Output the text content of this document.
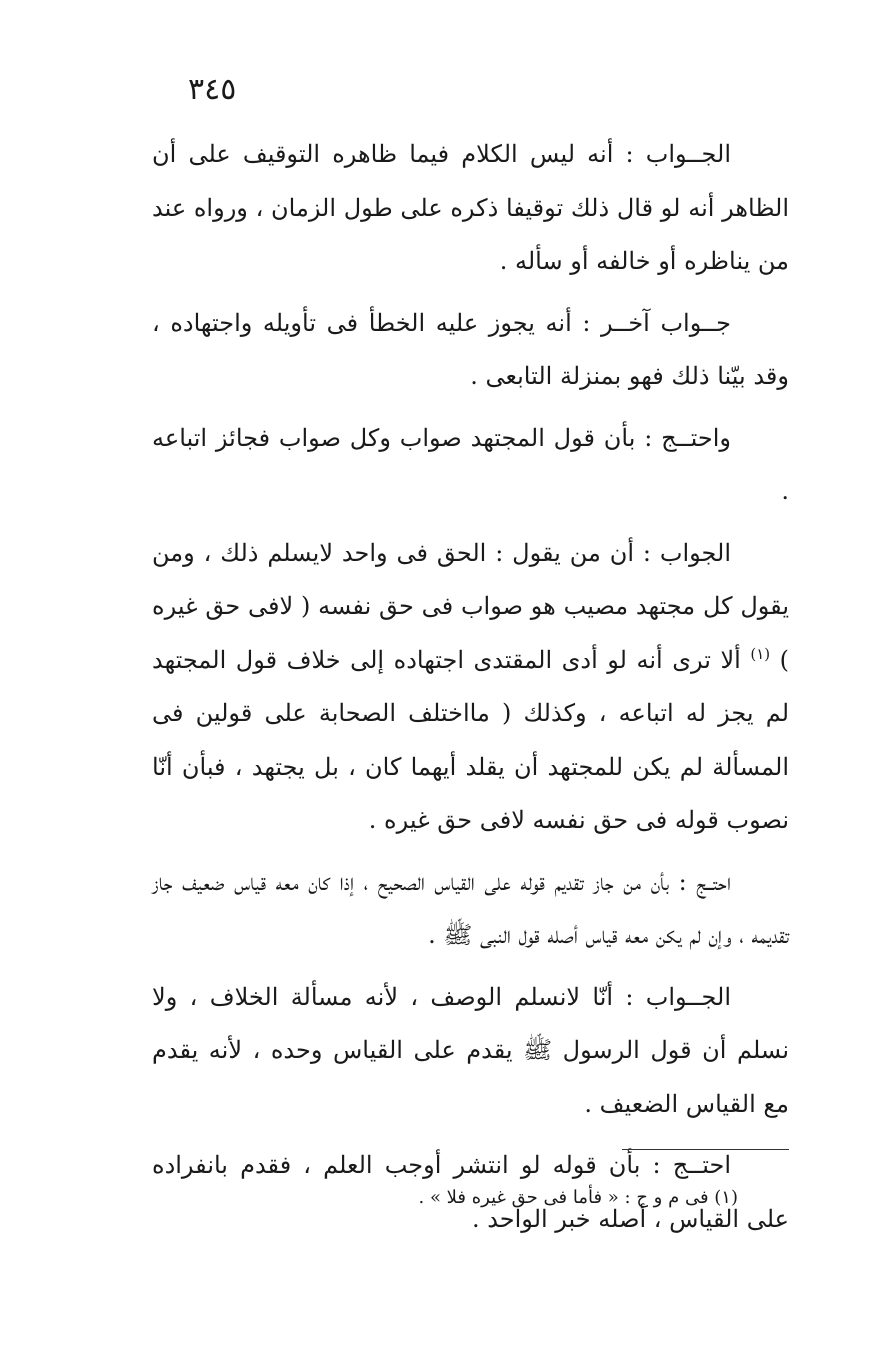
٣٤٥

الجــواب : أنه ليس الكلام فيما ظاهره التوقيف على أن الظاهر أنه لو قال ذلك توقيفا ذكره على طول الزمان ، ورواه عند من يناظره أو خالفه أو سأله .

جــواب آخــر : أنه يجوز عليه الخطأ فى تأويله واجتهاده ، وقد بيّنا ذلك فهو بمنزلة التابعى .

واحتــج : بأن قول المجتهد صواب وكل صواب فجائز اتباعه .

الجواب : أن من يقول : الحق فى واحد لايسلم ذلك ، ومن يقول كل مجتهد مصيب هو صواب فى حق نفسه ( لافى حق غيره ) $^{(١)}$ ألا ترى أنه لو أدى المقتدى اجتهاده إلى خلاف قول المجتهد لم يجز له اتباعه ، وكذلك ( مااختلف الصحابة على قولين فى المسألة لم يكن للمجتهد أن يقلد أيهما كان ، بل يجتهد ، فبأن أنّا نصوب قوله فى حق نفسه لافى حق غيره .

احتــج : بأن من جاز تقديم قوله على القياس الصحيح ، إذا كان معه قياس ضعيف جاز تقديمه ، وإن لم يكن معه قياس أصله قول النبى ﷺ .

الجــواب : أنّا لانسلم الوصف ، لأنه مسألة الخلاف ، ولا نسلم أن قول الرسول ﷺ يقدم على القياس وحده ، لأنه يقدم مع القياس الضعيف .

احتــج : بأن قوله لو انتشر أوجب العلم ، فقدم بانفراده على القياس ، أصله خبر الواحد .

(١) فى م و ح : « فأما فى حق غيره فلا » .
